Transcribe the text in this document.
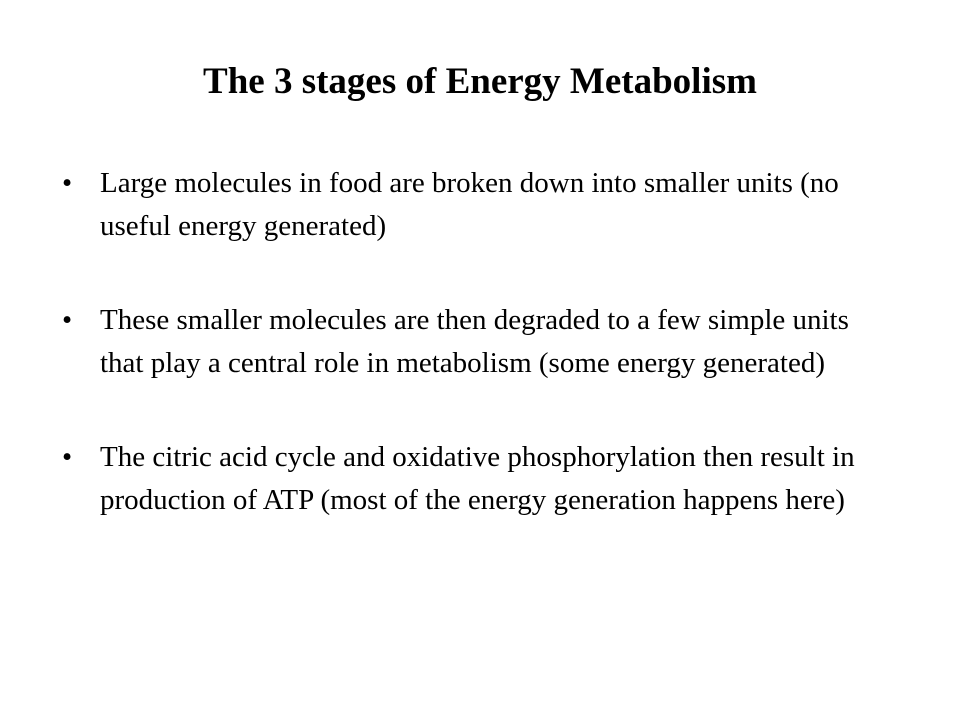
The 3 stages of Energy Metabolism
• Large molecules in food are broken down into smaller units (no useful energy generated)
• These smaller molecules are then degraded to a few simple units that play a central role in metabolism (some energy generated)
• The citric acid cycle and oxidative phosphorylation then result in production of ATP (most of the energy generation happens here)
